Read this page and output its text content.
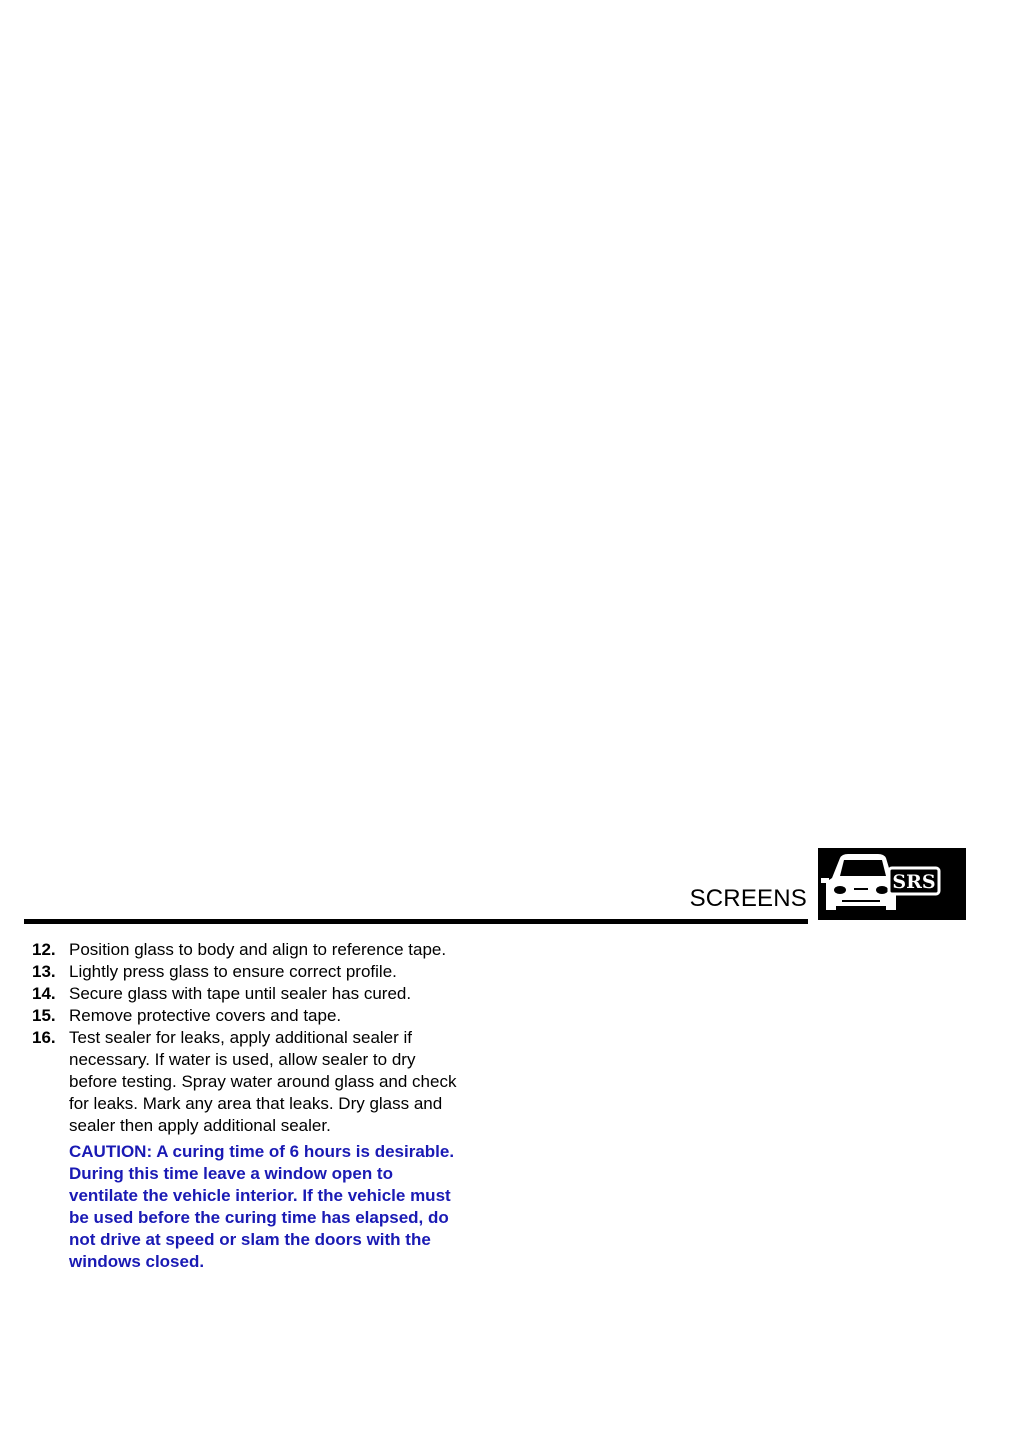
SCREENS
SRS
12. Position glass to body and align to reference tape.
13. Lightly press glass to ensure correct profile.
14. Secure glass with tape until sealer has cured.
15. Remove protective covers and tape.
16. Test sealer for leaks, apply additional sealer if necessary. If water is used, allow sealer to dry before testing. Spray water around glass and check for leaks. Mark any area that leaks. Dry glass and sealer then apply additional sealer.
CAUTION: A curing time of 6 hours is desirable. During this time leave a window open to ventilate the vehicle interior. If the vehicle must be used before the curing time has elapsed, do not drive at speed or slam the doors with the windows closed.
